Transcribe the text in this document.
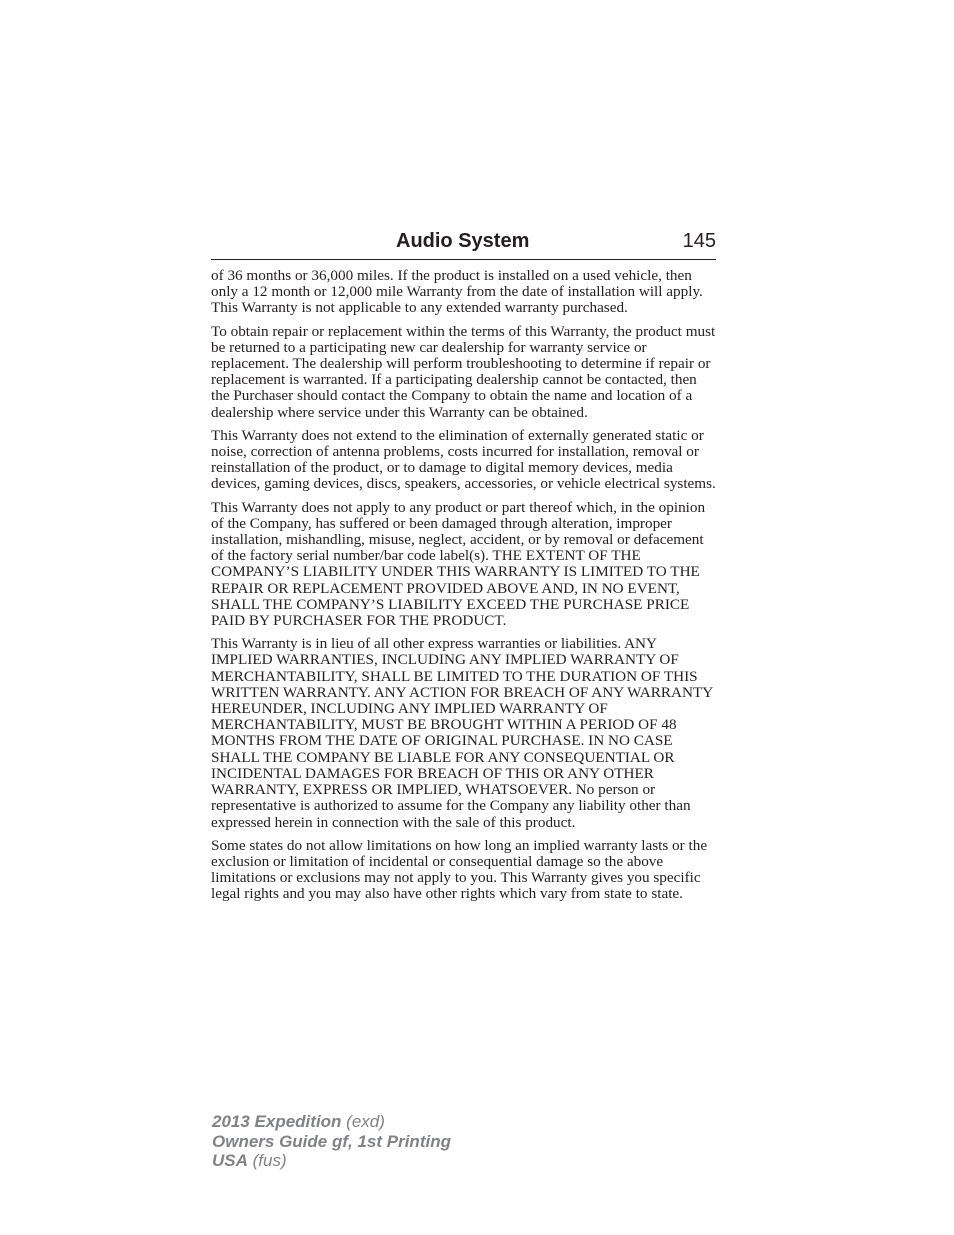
Audio System	145

of 36 months or 36,000 miles. If the product is installed on a used vehicle, then only a 12 month or 12,000 mile Warranty from the date of installation will apply. This Warranty is not applicable to any extended warranty purchased.

To obtain repair or replacement within the terms of this Warranty, the product must be returned to a participating new car dealership for warranty service or replacement. The dealership will perform troubleshooting to determine if repair or replacement is warranted. If a participating dealership cannot be contacted, then the Purchaser should contact the Company to obtain the name and location of a dealership where service under this Warranty can be obtained.

This Warranty does not extend to the elimination of externally generated static or noise, correction of antenna problems, costs incurred for installation, removal or reinstallation of the product, or to damage to digital memory devices, media devices, gaming devices, discs, speakers, accessories, or vehicle electrical systems.

This Warranty does not apply to any product or part thereof which, in the opinion of the Company, has suffered or been damaged through alteration, improper installation, mishandling, misuse, neglect, accident, or by removal or defacement of the factory serial number/bar code label(s). THE EXTENT OF THE COMPANY’S LIABILITY UNDER THIS WARRANTY IS LIMITED TO THE REPAIR OR REPLACEMENT PROVIDED ABOVE AND, IN NO EVENT, SHALL THE COMPANY’S LIABILITY EXCEED THE PURCHASE PRICE PAID BY PURCHASER FOR THE PRODUCT.

This Warranty is in lieu of all other express warranties or liabilities. ANY IMPLIED WARRANTIES, INCLUDING ANY IMPLIED WARRANTY OF MERCHANTABILITY, SHALL BE LIMITED TO THE DURATION OF THIS WRITTEN WARRANTY. ANY ACTION FOR BREACH OF ANY WARRANTY HEREUNDER, INCLUDING ANY IMPLIED WARRANTY OF MERCHANTABILITY, MUST BE BROUGHT WITHIN A PERIOD OF 48 MONTHS FROM THE DATE OF ORIGINAL PURCHASE. IN NO CASE SHALL THE COMPANY BE LIABLE FOR ANY CONSEQUENTIAL OR INCIDENTAL DAMAGES FOR BREACH OF THIS OR ANY OTHER WARRANTY, EXPRESS OR IMPLIED, WHATSOEVER. No person or representative is authorized to assume for the Company any liability other than expressed herein in connection with the sale of this product.

Some states do not allow limitations on how long an implied warranty lasts or the exclusion or limitation of incidental or consequential damage so the above limitations or exclusions may not apply to you. This Warranty gives you specific legal rights and you may also have other rights which vary from state to state.

2013 Expedition (exd)
Owners Guide gf, 1st Printing
USA (fus)
